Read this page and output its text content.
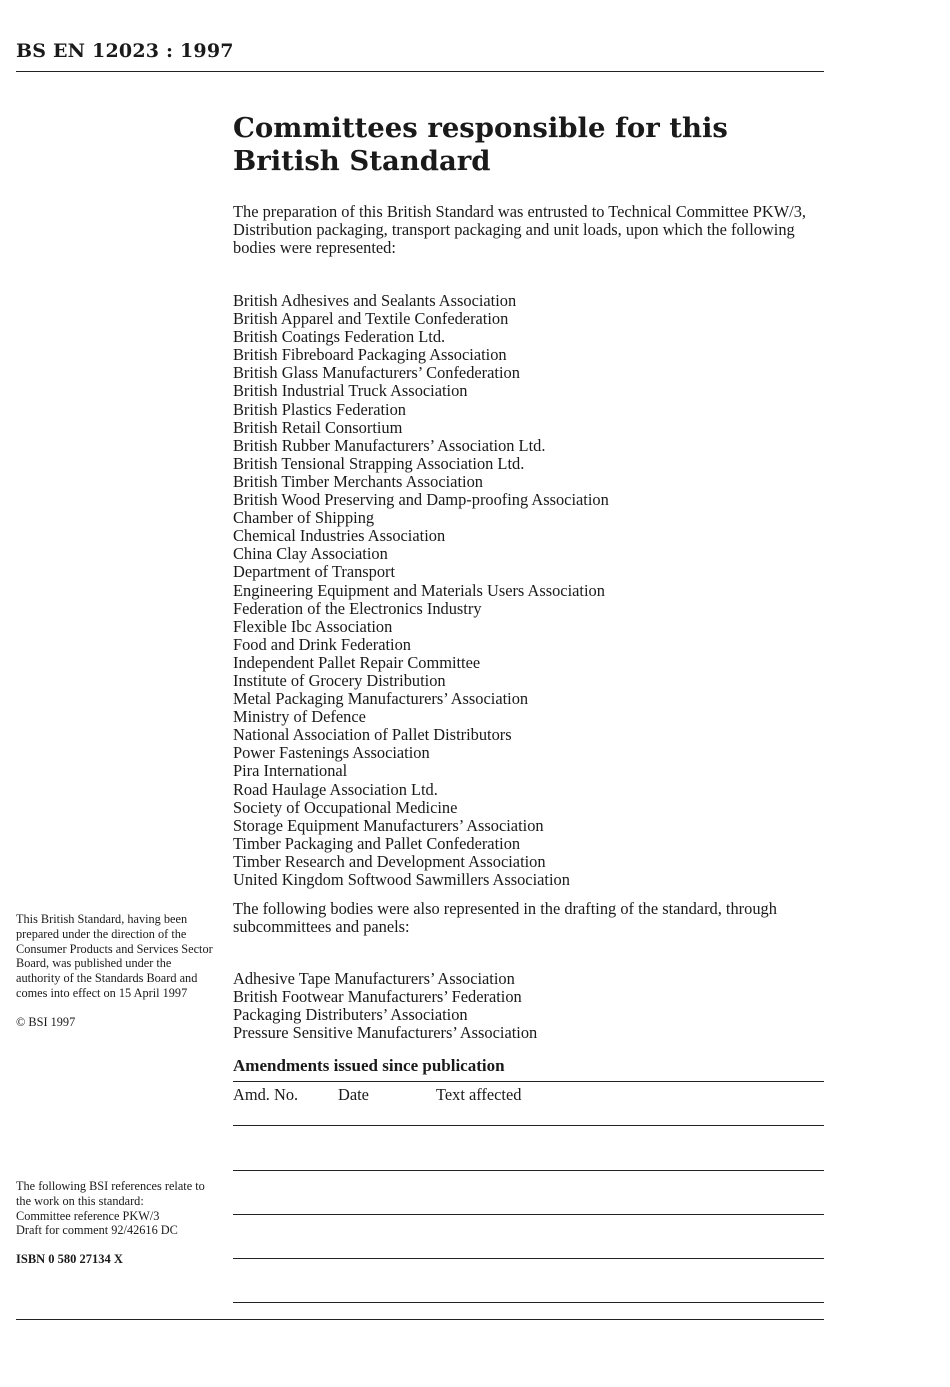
BS EN 12023 : 1997
Committees responsible for this
British Standard

The preparation of this British Standard was entrusted to Technical Committee PKW/3, Distribution packaging, transport packaging and unit loads, upon which the following bodies were represented:

British Adhesives and Sealants Association
British Apparel and Textile Confederation
British Coatings Federation Ltd.
British Fibreboard Packaging Association
British Glass Manufacturers’ Confederation
British Industrial Truck Association
British Plastics Federation
British Retail Consortium
British Rubber Manufacturers’ Association Ltd.
British Tensional Strapping Association Ltd.
British Timber Merchants Association
British Wood Preserving and Damp-proofing Association
Chamber of Shipping
Chemical Industries Association
China Clay Association
Department of Transport
Engineering Equipment and Materials Users Association
Federation of the Electronics Industry
Flexible Ibc Association
Food and Drink Federation
Independent Pallet Repair Committee
Institute of Grocery Distribution
Metal Packaging Manufacturers’ Association
Ministry of Defence
National Association of Pallet Distributors
Power Fastenings Association
Pira International
Road Haulage Association Ltd.
Society of Occupational Medicine
Storage Equipment Manufacturers’ Association
Timber Packaging and Pallet Confederation
Timber Research and Development Association
United Kingdom Softwood Sawmillers Association

The following bodies were also represented in the drafting of the standard, through subcommittees and panels:

Adhesive Tape Manufacturers’ Association
British Footwear Manufacturers’ Federation
Packaging Distributers’ Association
Pressure Sensitive Manufacturers’ Association
Amendments issued since publication
Amd. No. Date	Text affected

This British Standard, having been prepared under the direction of the Consumer Products and Services Sector Board, was published under the authority of the Standards Board and comes into effect on 15 April 1997

© BSI 1997

The following BSI references relate to the work on this standard:

Committee reference PKW/3

Draft for comment 92/42616 DC

ISBN 0 580 27134 X
